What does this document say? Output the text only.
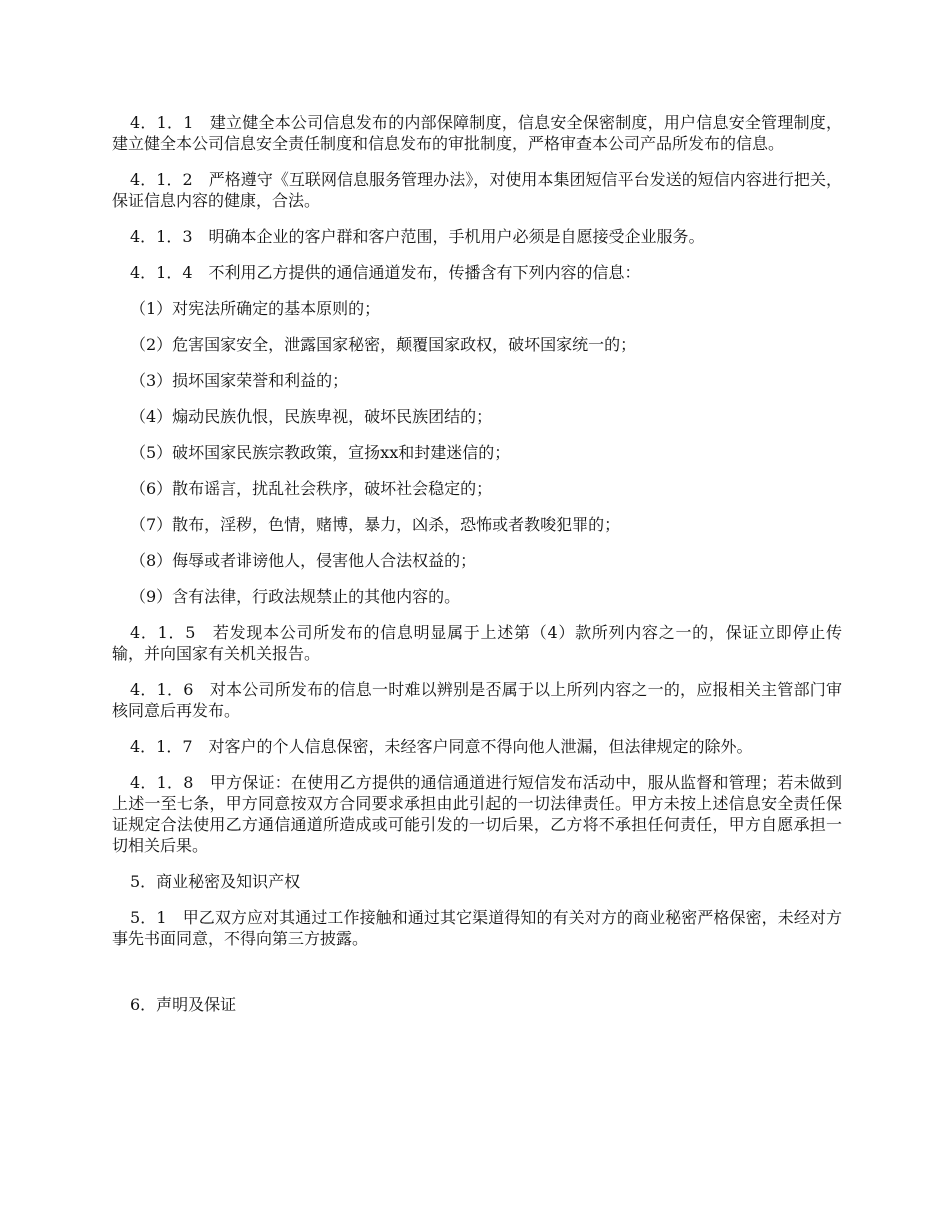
4．1．1　建立健全本公司信息发布的内部保障制度，信息安全保密制度，用户信息安全管理制度，建立健全本公司信息安全责任制度和信息发布的审批制度，严格审查本公司产品所发布的信息。

4．1．2　严格遵守《互联网信息服务管理办法》，对使用本集团短信平台发送的短信内容进行把关，保证信息内容的健康，合法。

4．1．3　明确本企业的客户群和客户范围，手机用户必须是自愿接受企业服务。

4．1．4　不利用乙方提供的通信通道发布，传播含有下列内容的信息：

（1）对宪法所确定的基本原则的；

（2）危害国家安全，泄露国家秘密，颠覆国家政权，破坏国家统一的；

（3）损坏国家荣誉和利益的；

（4）煽动民族仇恨，民族卑视，破坏民族团结的；

（5）破坏国家民族宗教政策，宣扬xx和封建迷信的；

（6）散布谣言，扰乱社会秩序，破坏社会稳定的；

（7）散布，淫秽，色情，赌博，暴力，凶杀，恐怖或者教唆犯罪的；

（8）侮辱或者诽谤他人，侵害他人合法权益的；

（9）含有法律，行政法规禁止的其他内容的。

4．1．5　若发现本公司所发布的信息明显属于上述第（4）款所列内容之一的，保证立即停止传输，并向国家有关机关报告。

4．1．6　对本公司所发布的信息一时难以辨别是否属于以上所列内容之一的，应报相关主管部门审核同意后再发布。

4．1．7　对客户的个人信息保密，未经客户同意不得向他人泄漏，但法律规定的除外。

4．1．8　甲方保证：在使用乙方提供的通信通道进行短信发布活动中，服从监督和管理；若未做到上述一至七条，甲方同意按双方合同要求承担由此引起的一切法律责任。甲方未按上述信息安全责任保证规定合法使用乙方通信通道所造成或可能引发的一切后果，乙方将不承担任何责任，甲方自愿承担一切相关后果。

5．商业秘密及知识产权

5．1　甲乙双方应对其通过工作接触和通过其它渠道得知的有关对方的商业秘密严格保密，未经对方事先书面同意，不得向第三方披露。

6．声明及保证
